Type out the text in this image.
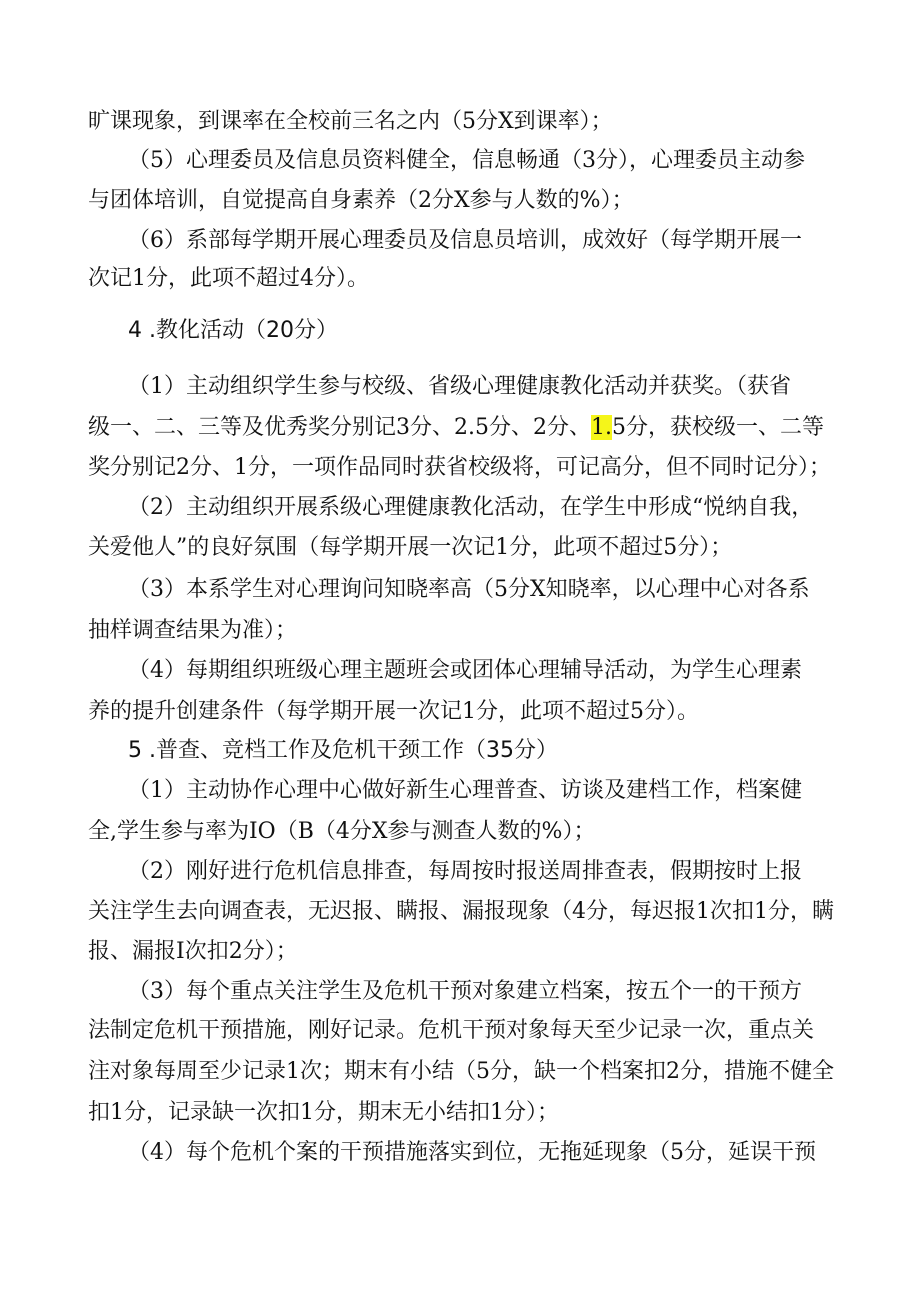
旷课现象，到课率在全校前三名之内（5分X到课率）；
（5）心理委员及信息员资料健全，信息畅通（3分），心理委员主动参
与团体培训，自觉提高自身素养（2分X参与人数的%）；
（6）系部每学期开展心理委员及信息员培训，成效好（每学期开展一
次记1分，此项不超过4分）。
4 .教化活动（20分）
（1）主动组织学生参与校级、省级心理健康教化活动并获奖。（获省
级一、二、三等及优秀奖分别记3分、2.5分、2分、1.5分，获校级一、二等
奖分别记2分、1分，一项作品同时获省校级将，可记高分，但不同时记分）；
（2）主动组织开展系级心理健康教化活动，在学生中形成“悦纳自我，
关爱他人”的良好氛围（每学期开展一次记1分，此项不超过5分）；
（3）本系学生对心理询问知晓率高（5分X知晓率，以心理中心对各系
抽样调查结果为准）；
（4）每期组织班级心理主题班会或团体心理辅导活动，为学生心理素
养的提升创建条件（每学期开展一次记1分，此项不超过5分）。
5 .普查、竞档工作及危机干颈工作（35分）
（1）主动协作心理中心做好新生心理普查、访谈及建档工作，档案健
全,学生参与率为IO（B（4分X参与测查人数的%）；
（2）刚好进行危机信息排查，每周按时报送周排查表，假期按时上报
关注学生去向调查表，无迟报、瞒报、漏报现象（4分，每迟报1次扣1分，瞒
报、漏报I次扣2分）；
（3）每个重点关注学生及危机干预对象建立档案，按五个一的干预方
法制定危机干预措施，刚好记录。危机干预对象每天至少记录一次，重点关
注对象每周至少记录1次；期末有小结（5分，缺一个档案扣2分，措施不健全
扣1分，记录缺一次扣1分，期末无小结扣1分）；
（4）每个危机个案的干预措施落实到位，无拖延现象（5分，延误干预
